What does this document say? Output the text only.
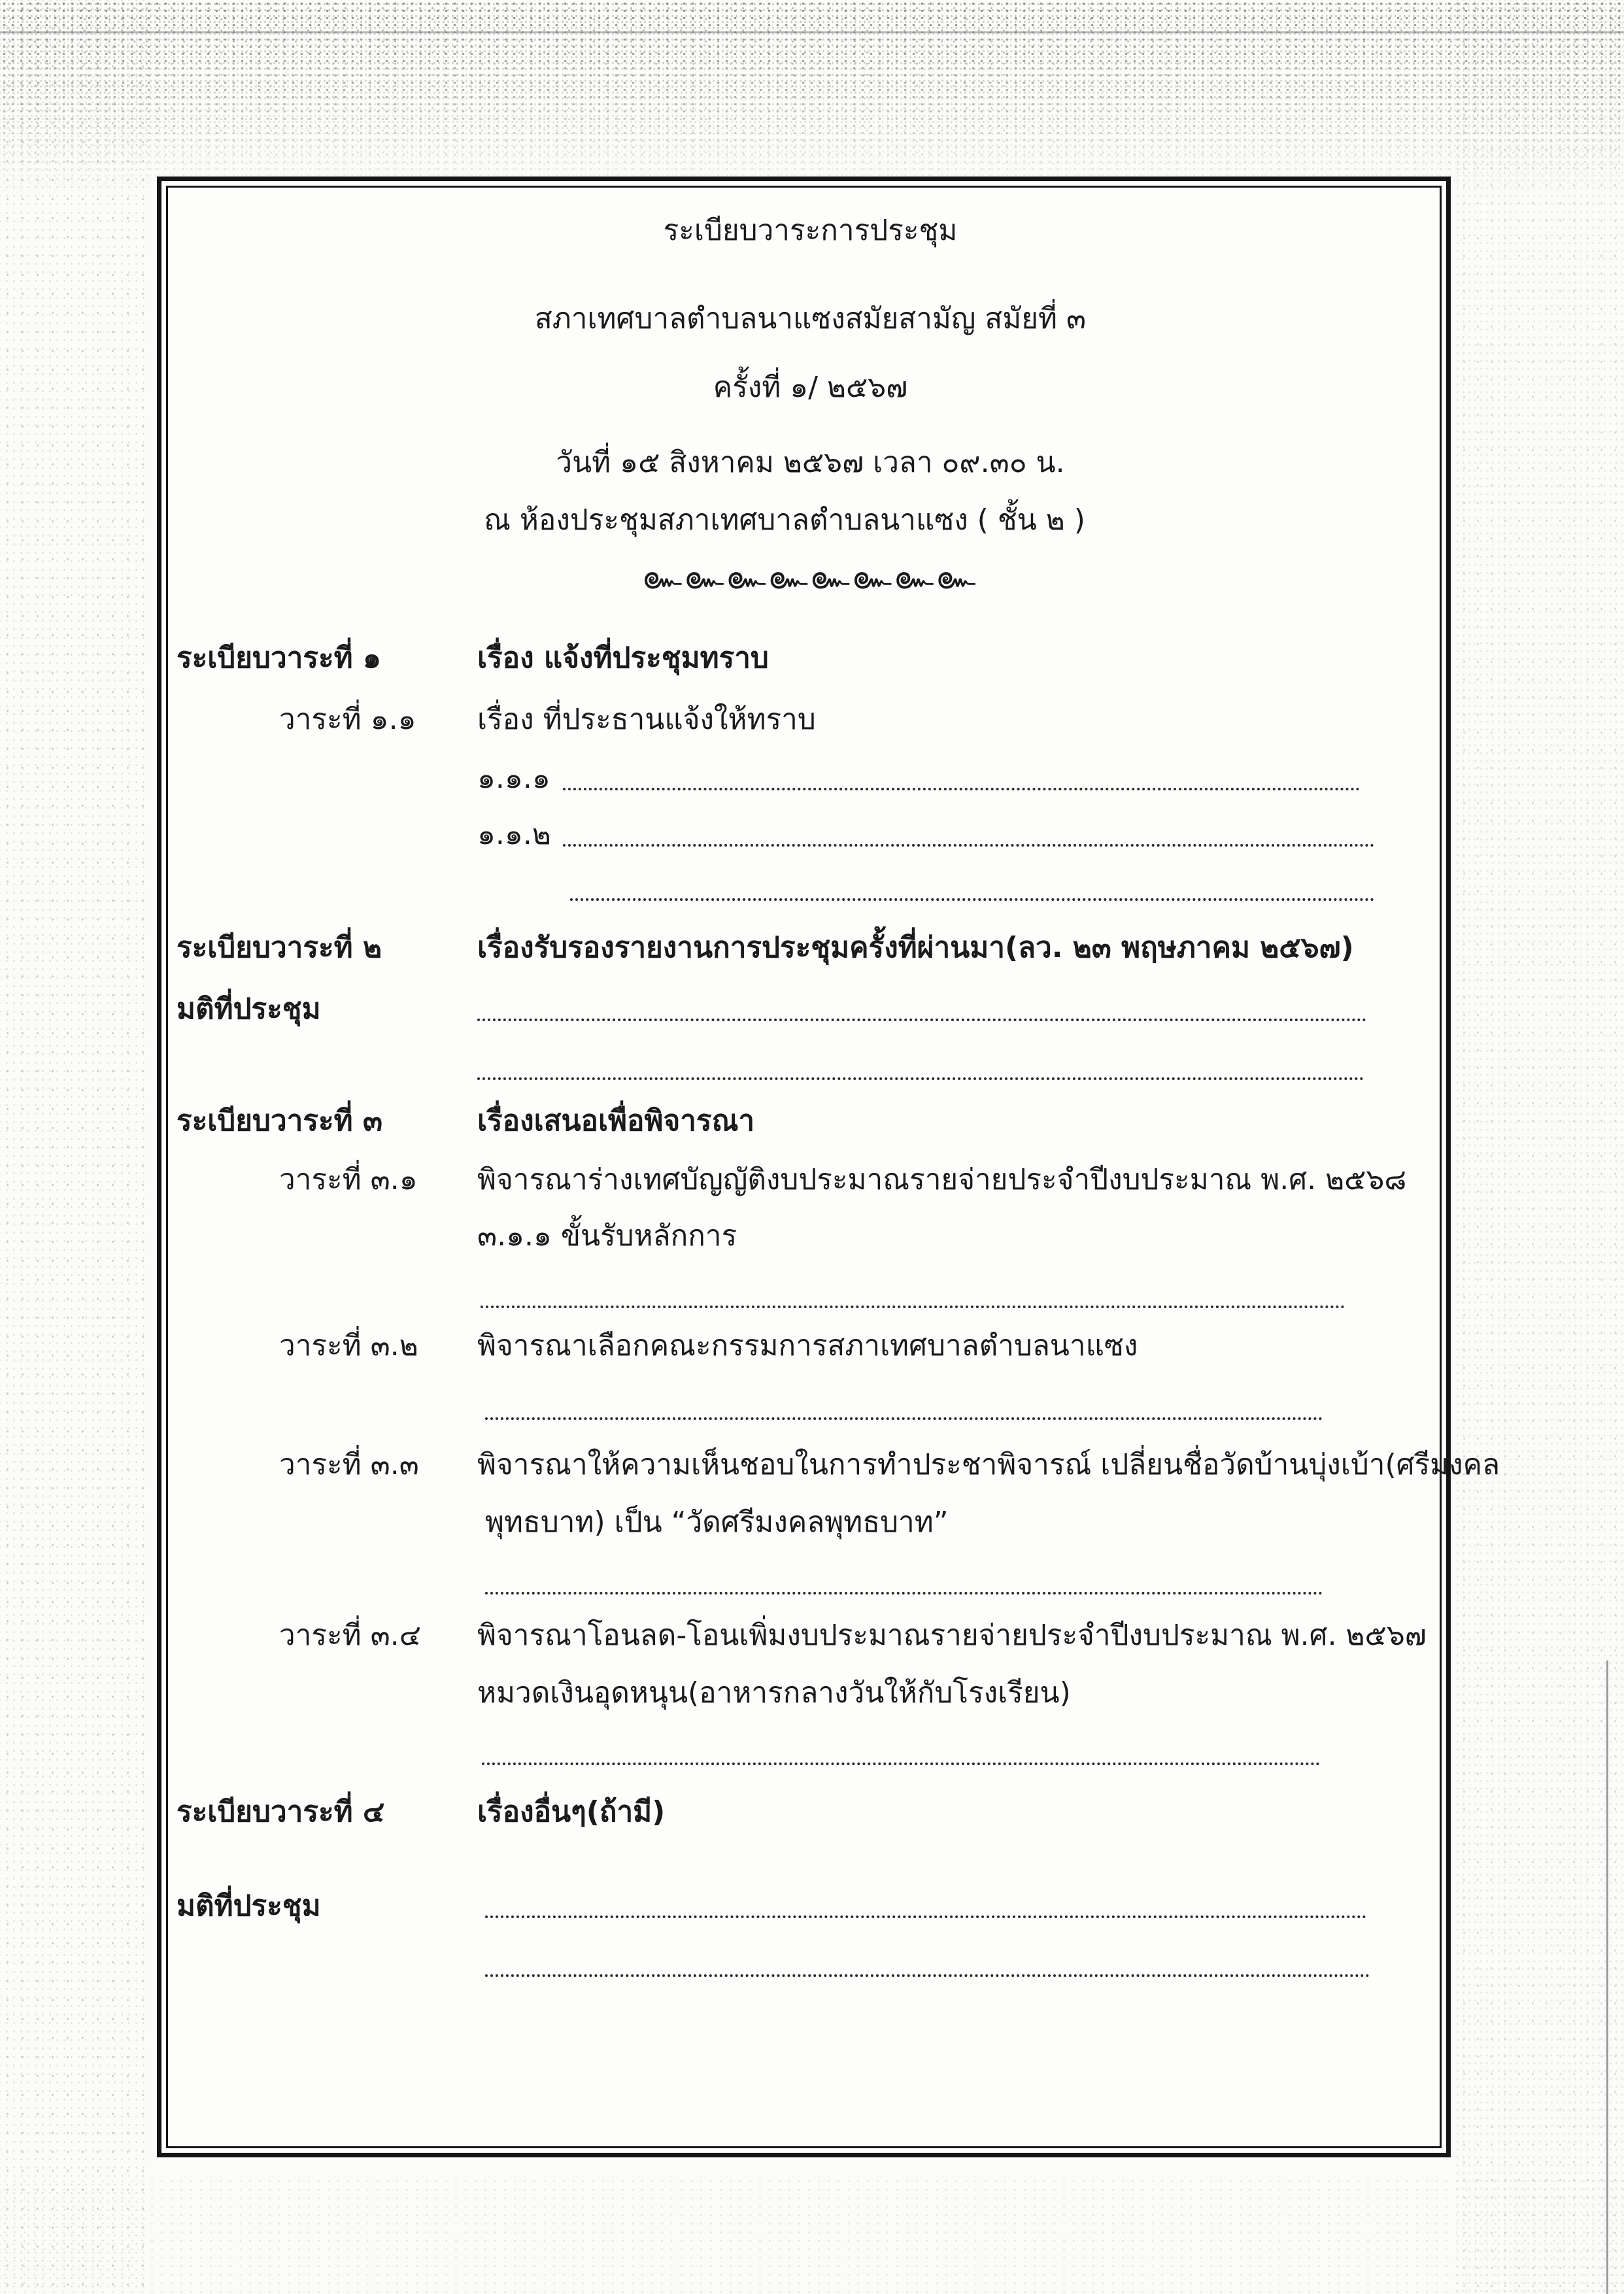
ระเบียบวาระการประชุม
สภาเทศบาลตำบลนาแซงสมัยสามัญ สมัยที่ ๓
ครั้งที่ ๑/ ๒๕๖๗
วันที่ ๑๕ สิงหาคม ๒๕๖๗ เวลา ๐๙.๓๐ น.
ณ ห้องประชุมสภาเทศบาลตำบลนาแซง ( ชั้น ๒ )
๛๛๛๛๛๛๛๛
ระเบียบวาระที่ ๑	เรื่อง แจ้งที่ประชุมทราบ
วาระที่ ๑.๑ เรื่อง ที่ประธานแจ้งให้ทราบ
๑.๑.๑
๑.๑.๒
ระเบียบวาระที่ ๒	เรื่องรับรองรายงานการประชุมครั้งที่ผ่านมา(ลว. ๒๓ พฤษภาคม ๒๕๖๗)
มติที่ประชุม
ระเบียบวาระที่ ๓	เรื่องเสนอเพื่อพิจารณา
วาระที่ ๓.๑ พิจารณาร่างเทศบัญญัติงบประมาณรายจ่ายประจำปีงบประมาณ พ.ศ. ๒๕๖๘
๓.๑.๑ ขั้นรับหลักการ
วาระที่ ๓.๒ พิจารณาเลือกคณะกรรมการสภาเทศบาลตำบลนาแซง
วาระที่ ๓.๓ พิจารณาให้ความเห็นชอบในการทำประชาพิจารณ์ เปลี่ยนชื่อวัดบ้านบุ่งเบ้า(ศรีมงคล
พุทธบาท) เป็น “วัดศรีมงคลพุทธบาท”
วาระที่ ๓.๔ พิจารณาโอนลด-โอนเพิ่มงบประมาณรายจ่ายประจำปีงบประมาณ พ.ศ. ๒๕๖๗
หมวดเงินอุดหนุน(อาหารกลางวันให้กับโรงเรียน)
ระเบียบวาระที่ ๔	เรื่องอื่นๆ(ถ้ามี)
มติที่ประชุม
